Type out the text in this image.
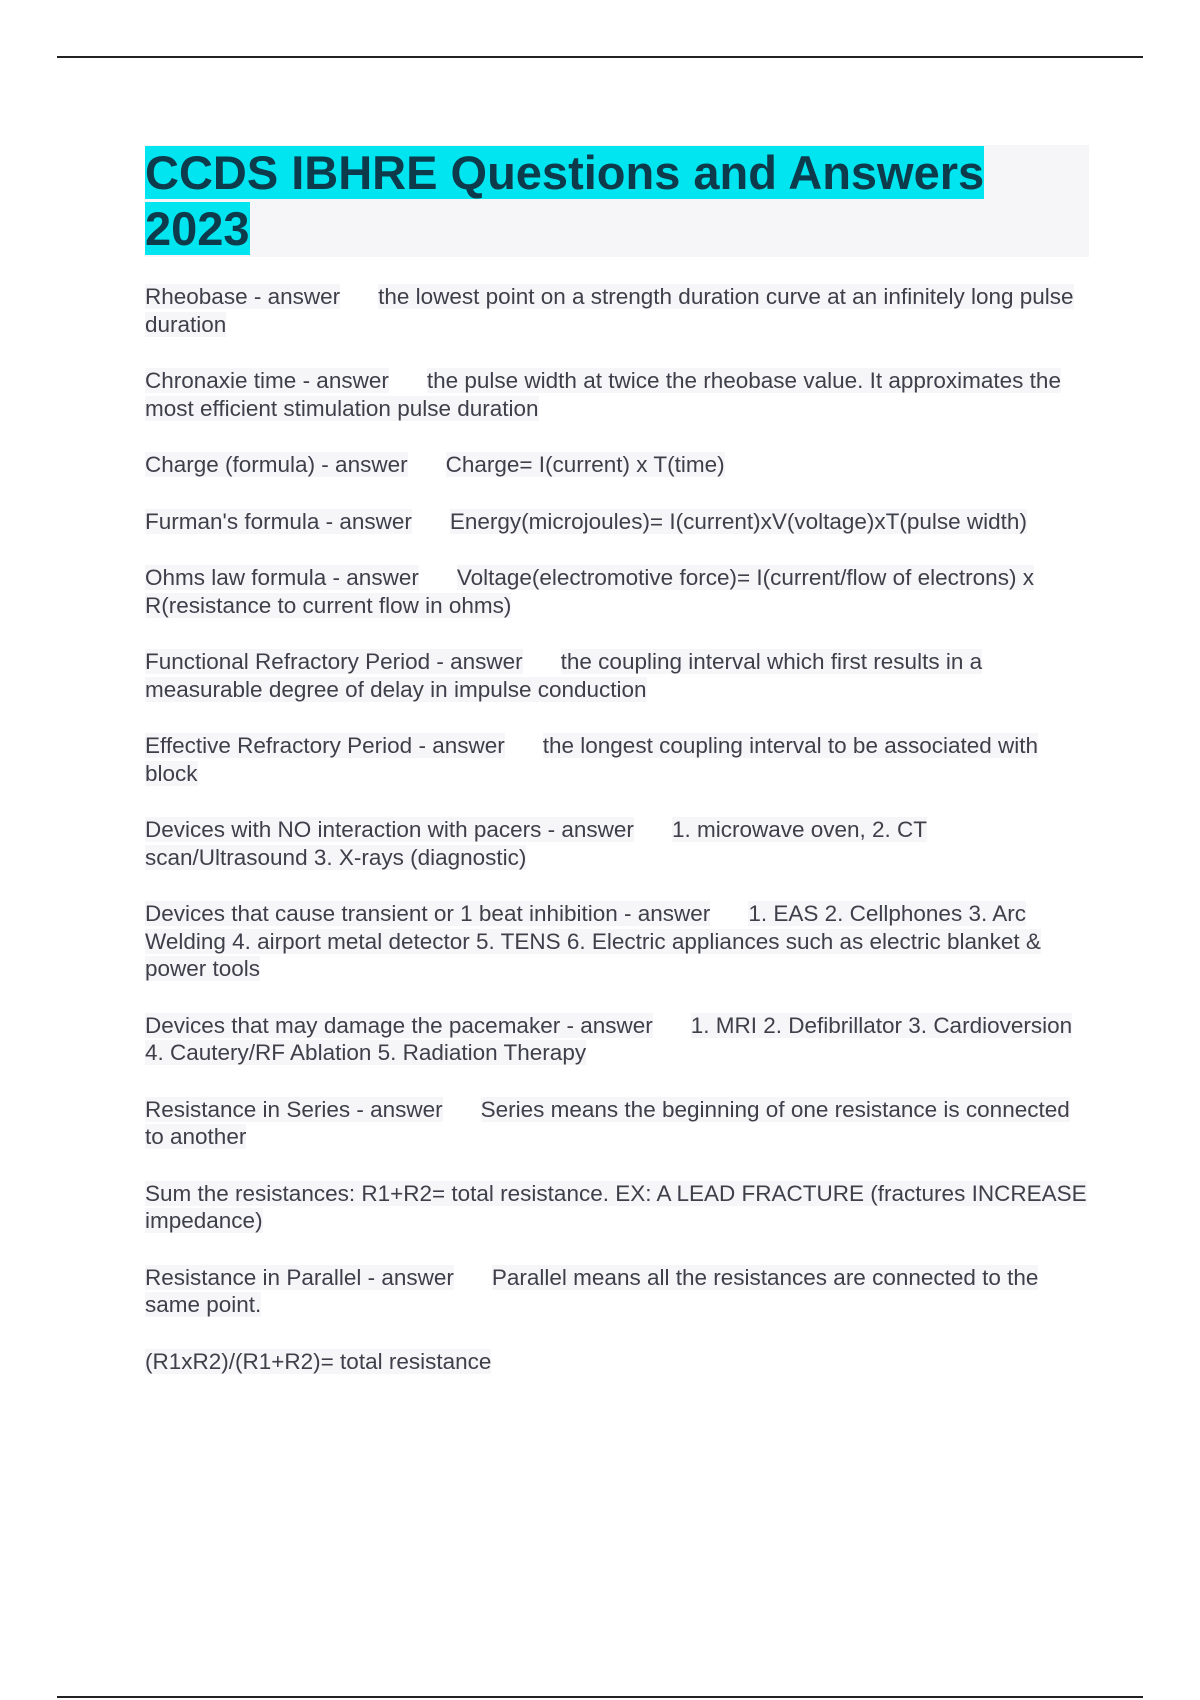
CCDS IBHRE Questions and Answers 2023

Rheobase - answer the lowest point on a strength duration curve at an infinitely long pulse duration

Chronaxie time - answer the pulse width at twice the rheobase value. It approximates the most efficient stimulation pulse duration

Charge (formula) - answer Charge= I(current) x T(time)

Furman's formula - answer Energy(microjoules)= I(current)xV(voltage)xT(pulse width)

Ohms law formula - answer Voltage(electromotive force)= I(current/flow of electrons) x R(resistance to current flow in ohms)

Functional Refractory Period - answer the coupling interval which first results in a measurable degree of delay in impulse conduction

Effective Refractory Period - answer the longest coupling interval to be associated with block

Devices with NO interaction with pacers - answer 1. microwave oven, 2. CT scan/Ultrasound 3. X-rays (diagnostic)

Devices that cause transient or 1 beat inhibition - answer 1. EAS 2. Cellphones 3. Arc Welding 4. airport metal detector 5. TENS 6. Electric appliances such as electric blanket & power tools

Devices that may damage the pacemaker - answer 1. MRI 2. Defibrillator 3. Cardioversion 4. Cautery/RF Ablation 5. Radiation Therapy

Resistance in Series - answer Series means the beginning of one resistance is connected to another

Sum the resistances: R1+R2= total resistance. EX: A LEAD FRACTURE (fractures INCREASE impedance)

Resistance in Parallel - answer Parallel means all the resistances are connected to the same point.

(R1xR2)/(R1+R2)= total resistance
